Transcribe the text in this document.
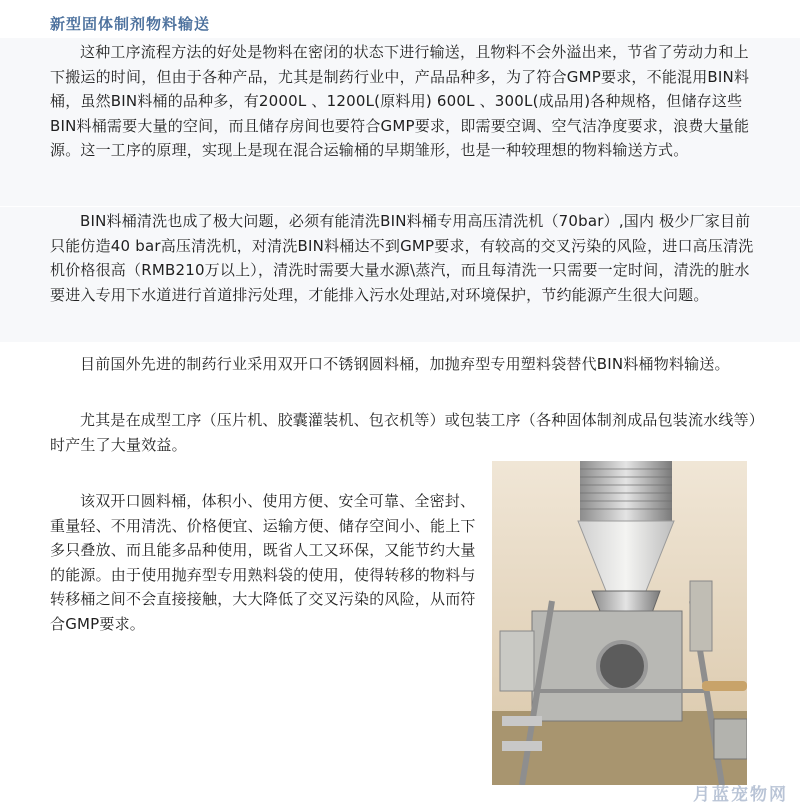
新型固体制剂物料输送

这种工序流程方法的好处是物料在密闭的状态下进行输送，且物料不会外溢出来，节省了劳动力和上下搬运的时间，但由于各种产品，尤其是制药行业中，产品品种多，为了符合GMP要求，不能混用BIN料桶，虽然BIN料桶的品种多，有2000L 、1200L(原料用) 600L 、300L(成品用)各种规格，但储存这些BIN料桶需要大量的空间，而且储存房间也要符合GMP要求，即需要空调、空气洁净度要求，浪费大量能源。这一工序的原理，实现上是现在混合运输桶的早期雏形，也是一种较理想的物料输送方式。

BIN料桶清洗也成了极大问题，必须有能清洗BIN料桶专用高压清洗机（70bar）,国内 极少厂家目前只能仿造40 bar高压清洗机，对清洗BIN料桶达不到GMP要求，有较高的交叉污染的风险，进口高压清洗机价格很高（RMB210万以上），清洗时需要大量水源\蒸汽，而且每清洗一只需要一定时间，清洗的脏水要进入专用下水道进行首道排污处理，才能排入污水处理站,对环境保护，节约能源产生很大问题。

目前国外先进的制药行业采用双开口不锈钢圆料桶，加抛弃型专用塑料袋替代BIN料桶物料输送。

尤其是在成型工序（压片机、胶囊灌装机、包衣机等）或包装工序（各种固体制剂成品包装流水线等）时产生了大量效益。

该双开口圆料桶，体积小、使用方便、安全可靠、全密封、重量轻、不用清洗、价格便宜、运输方便、储存空间小、能上下多只叠放、而且能多品种使用，既省人工又环保，又能节约大量的能源。由于使用抛弃型专用熟料袋的使用，使得转移的物料与转移桶之间不会直接接触，大大降低了交叉污染的风险，从而符合GMP要求。

月蓝宠物网
